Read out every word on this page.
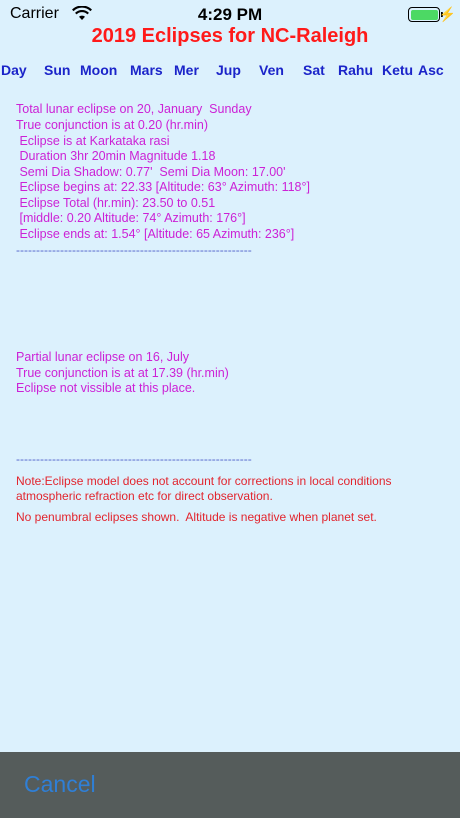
Carrier	4:29 PM	⚡
2019 Eclipses for NC-Raleigh
Day Sun Moon Mars Mer Jup Ven Sat Rahu Ketu Asc
Total lunar eclipse on 20, January  Sunday
True conjunction is at 0.20 (hr.min)
Eclipse is at Karkataka rasi
Duration 3hr 20min Magnitude 1.18
Semi Dia Shadow: 0.77'  Semi Dia Moon: 17.00'
Eclipse begins at: 22.33 [Altitude: 63° Azimuth: 118°]
Eclipse Total (hr.min): 23.50 to 0.51
[middle: 0.20 Altitude: 74° Azimuth: 176°]
Eclipse ends at: 1.54° [Altitude: 65 Azimuth: 236°]
-----------------------------------------------------------
Partial lunar eclipse on 16, July
True conjunction is at at 17.39 (hr.min)
Eclipse not vissible at this place.
-----------------------------------------------------------
Note:Eclipse model does not account for corrections in local conditions
atmospheric refraction etc for direct observation.
No penumbral eclipses shown.  Altitude is negative when planet set.
Cancel
